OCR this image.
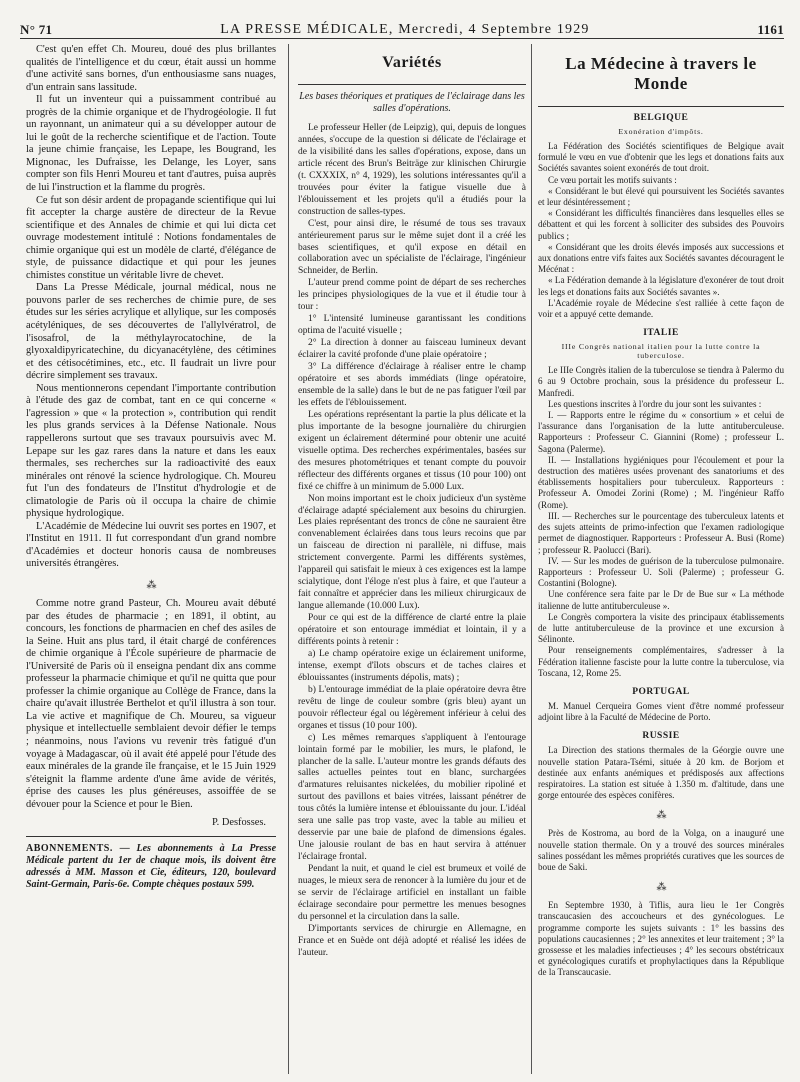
N° 71	LA PRESSE MÉDICALE, Mercredi, 4 Septembre 1929	1161

C'est qu'en effet Ch. Moureu, doué des plus brillantes qualités de l'intelligence et du cœur, était aussi un homme d'une activité sans bornes, d'un enthousiasme sans nuages, d'un entrain sans lassitude.

Il fut un inventeur qui a puissamment contribué au progrès de la chimie organique et de l'hydrogéologie. Il fut un rayonnant, un animateur qui a su développer autour de lui le goût de la recherche scientifique et de l'action. Toute la jeune chimie française, les Lepape, les Bougrand, les Mignonac, les Dufraisse, les Delange, les Loyer, sans compter son fils Henri Moureu et tant d'autres, puisa auprès de lui l'instruction et la flamme du progrès.

Ce fut son désir ardent de propagande scientifique qui lui fit accepter la charge austère de directeur de la Revue scientifique et des Annales de chimie et qui lui dicta cet ouvrage modestement intitulé : Notions fondamentales de chimie organique qui est un modèle de clarté, d'élégance de style, de puissance didactique et qui pour les jeunes chimistes constitue un véritable livre de chevet.

Dans La Presse Médicale, journal médical, nous ne pouvons parler de ses recherches de chimie pure, de ses études sur les séries acrylique et allylique, sur les composés acétyléniques, de ses découvertes de l'allylvératrol, de l'isosafrol, de la méthylayrocatochine, de la glyoxaldipyricatechine, du dicyanacétylène, des cétimines et des cétisocétimines, etc., etc. Il faudrait un livre pour décrire simplement ses travaux.

Nous mentionnerons cependant l'importante contribution à l'étude des gaz de combat, tant en ce qui concerne « l'agression » que « la protection », contribution qui rendit les plus grands services à la Défense Nationale. Nous rappellerons surtout que ses travaux poursuivis avec M. Lepape sur les gaz rares dans la nature et dans les eaux thermales, ses recherches sur la radioactivité des eaux minérales ont rénové la science hydrologique. Ch. Moureu fut l'un des fondateurs de l'Institut d'hydrologie et de climatologie de Paris où il occupa la chaire de chimie physique hydrologique.

L'Académie de Médecine lui ouvrit ses portes en 1907, et l'Institut en 1911. Il fut correspondant d'un grand nombre d'Académies et docteur honoris causa de nombreuses universités étrangères.

⁂

Comme notre grand Pasteur, Ch. Moureu avait débuté par des études de pharmacie ; en 1891, il obtint, au concours, les fonctions de pharmacien en chef des asiles de la Seine. Huit ans plus tard, il était chargé de conférences de chimie organique à l'École supérieure de pharmacie de l'Université de Paris où il enseigna pendant dix ans comme professeur la pharmacie chimique et qu'il ne quitta que pour professer la chimie organique au Collège de France, dans la chaire qu'avait illustrée Berthelot et qu'il illustra à son tour. La vie active et magnifique de Ch. Moureu, sa vigueur physique et intellectuelle semblaient devoir défier le temps ; néanmoins, nous l'avions vu revenir très fatigué d'un voyage à Madagascar, où il avait été appelé pour l'étude des eaux minérales de la grande île française, et le 15 Juin 1929 s'éteignit la flamme ardente d'une âme avide de vérités, éprise des causes les plus généreuses, assoiffée de se dévouer pour la Science et pour le Bien.

P. Desfosses.

ABONNEMENTS. — Les abonnements à La Presse Médicale partent du 1er de chaque mois, ils doivent être adressés à MM. Masson et Cie, éditeurs, 120, boulevard Saint-Germain, Paris-6e. Compte chèques postaux 599.
Variétés
Les bases théoriques et pratiques de l'éclairage dans les salles d'opérations.

Le professeur Heller (de Leipzig), qui, depuis de longues années, s'occupe de la question si délicate de l'éclairage et de la visibilité dans les salles d'opérations, expose, dans un article récent des Brun's Beiträge zur klinischen Chirurgie (t. CXXXIX, n° 4, 1929), les solutions intéressantes qu'il a trouvées pour éviter la fatigue visuelle due à l'éblouissement et les projets qu'il a étudiés pour la construction de salles-types.

C'est, pour ainsi dire, le résumé de tous ses travaux antérieurement parus sur le même sujet dont il a créé les bases scientifiques, et qu'il expose en détail en collaboration avec un spécialiste de l'éclairage, l'ingénieur Schneider, de Berlin.

L'auteur prend comme point de départ de ses recherches les principes physiologiques de la vue et il étudie tour à tour :

1° L'intensité lumineuse garantissant les conditions optima de l'acuité visuelle ;

2° La direction à donner au faisceau lumineux devant éclairer la cavité profonde d'une plaie opératoire ;

3° La différence d'éclairage à réaliser entre le champ opératoire et ses abords immédiats (linge opératoire, ensemble de la salle) dans le but de ne pas fatiguer l'œil par les effets de l'éblouissement.

Les opérations représentant la partie la plus délicate et la plus importante de la besogne journalière du chirurgien exigent un éclairement déterminé pour obtenir une acuité visuelle optima. Des recherches expérimentales, basées sur des mesures photométriques et tenant compte du pouvoir réflecteur des différents organes et tissus (10 pour 100) ont fixé ce chiffre à un minimum de 5.000 Lux.

Non moins important est le choix judicieux d'un système d'éclairage adapté spécialement aux besoins du chirurgien. Les plaies représentant des troncs de cône ne sauraient être convenablement éclairées dans tous leurs recoins que par un faisceau de direction ni parallèle, ni diffuse, mais strictement convergente. Parmi les différents systèmes, l'appareil qui satisfait le mieux à ces exigences est la lampe scialytique, dont l'éloge n'est plus à faire, et que l'auteur a fait connaître et apprécier dans les milieux chirurgicaux de langue allemande (10.000 Lux).

Pour ce qui est de la différence de clarté entre la plaie opératoire et son entourage immédiat et lointain, il y a différents points à retenir :

a) Le champ opératoire exige un éclairement uniforme, intense, exempt d'îlots obscurs et de taches claires et éblouissantes (instruments dépolis, mats) ;

b) L'entourage immédiat de la plaie opératoire devra être revêtu de linge de couleur sombre (gris bleu) ayant un pouvoir réflecteur égal ou légèrement inférieur à celui des organes et tissus (10 pour 100).

c) Les mêmes remarques s'appliquent à l'entourage lointain formé par le mobilier, les murs, le plafond, le plancher de la salle. L'auteur montre les grands défauts des salles actuelles peintes tout en blanc, surchargées d'armatures reluisantes nickelées, du mobilier ripoliné et surtout des pavillons et baies vitrées, laissant pénétrer de tous côtés la lumière intense et éblouissante du jour. L'idéal sera une salle pas trop vaste, avec la table au milieu et desservie par une baie de plafond de dimensions égales. Une jalousie roulant de bas en haut servira à atténuer l'éclairage frontal.

Pendant la nuit, et quand le ciel est brumeux et voilé de nuages, le mieux sera de renoncer à la lumière du jour et de se servir de l'éclairage artificiel en installant un faible éclairage secondaire pour permettre les menues besognes du personnel et la circulation dans la salle.

D'importants services de chirurgie en Allemagne, en France et en Suède ont déjà adopté et réalisé les idées de l'auteur.

La Médecine à travers le Monde
BELGIQUE
Exonération d'impôts.

La Fédération des Sociétés scientifiques de Belgique avait formulé le vœu en vue d'obtenir que les legs et donations faits aux Sociétés savantes soient exonérés de tout droit.

Ce vœu portait les motifs suivants :

« Considérant le but élevé qui poursuivent les Sociétés savantes et leur désintéressement ;

« Considérant les difficultés financières dans lesquelles elles se débattent et qui les forcent à solliciter des subsides des Pouvoirs publics ;

« Considérant que les droits élevés imposés aux successions et aux donations entre vifs faites aux Sociétés savantes découragent le Mécénat :

« La Fédération demande à la législature d'exonérer de tout droit les legs et donations faits aux Sociétés savantes ».

L'Académie royale de Médecine s'est ralliée à cette façon de voir et a appuyé cette demande.

ITALIE
IIIe Congrès national italien pour la lutte contre la tuberculose.

Le IIIe Congrès italien de la tuberculose se tiendra à Palermo du 6 au 9 Octobre prochain, sous la présidence du professeur L. Manfredi.

Les questions inscrites à l'ordre du jour sont les suivantes :

I. — Rapports entre le régime du « consortium » et celui de l'assurance dans l'organisation de la lutte antituberculeuse. Rapporteurs : Professeur C. Giannini (Rome) ; professeur L. Sagona (Palerme).

II. — Installations hygiéniques pour l'écoulement et pour la destruction des matières usées provenant des sanatoriums et des établissements hospitaliers pour tuberculeux. Rapporteurs : Professeur A. Omodei Zorini (Rome) ; M. l'ingénieur Raffo (Rome).

III. — Recherches sur le pourcentage des tuberculeux latents et des sujets atteints de primo-infection que l'examen radiologique permet de diagnostiquer. Rapporteurs : Professeur A. Busi (Rome) ; professeur R. Paolucci (Bari).

IV. — Sur les modes de guérison de la tuberculose pulmonaire. Rapporteurs : Professeur U. Soli (Palerme) ; professeur G. Costantini (Bologne).

Une conférence sera faite par le Dr de Bue sur « La méthode italienne de lutte antituberculeuse ».

Le Congrès comportera la visite des principaux établissements de lutte antituberculeuse de la province et une excursion à Sélinonte.

Pour renseignements complémentaires, s'adresser à la Fédération italienne fasciste pour la lutte contre la tuberculose, via Toscana, 12, Rome 25.

PORTUGAL

M. Manuel Cerqueira Gomes vient d'être nommé professeur adjoint libre à la Faculté de Médecine de Porto.

RUSSIE

La Direction des stations thermales de la Géorgie ouvre une nouvelle station Patara-Tsémi, située à 20 km. de Borjom et destinée aux enfants anémiques et prédisposés aux affections respiratoires. La station est située à 1.350 m. d'altitude, dans une gorge entourée des espèces conifères.

⁂

Près de Kostroma, au bord de la Volga, on a inauguré une nouvelle station thermale. On y a trouvé des sources minérales salines possédant les mêmes propriétés curatives que les sources de boue de Saki.

⁂

En Septembre 1930, à Tiflis, aura lieu le 1er Congrès transcaucasien des accoucheurs et des gynécologues. Le programme comporte les sujets suivants : 1° les bassins des populations caucasiennes ; 2° les annexites et leur traitement ; 3° la grossesse et les maladies infectieuses ; 4° les secours obstétricaux et gynécologiques curatifs et prophylactiques dans la République de la Transcaucasie.
